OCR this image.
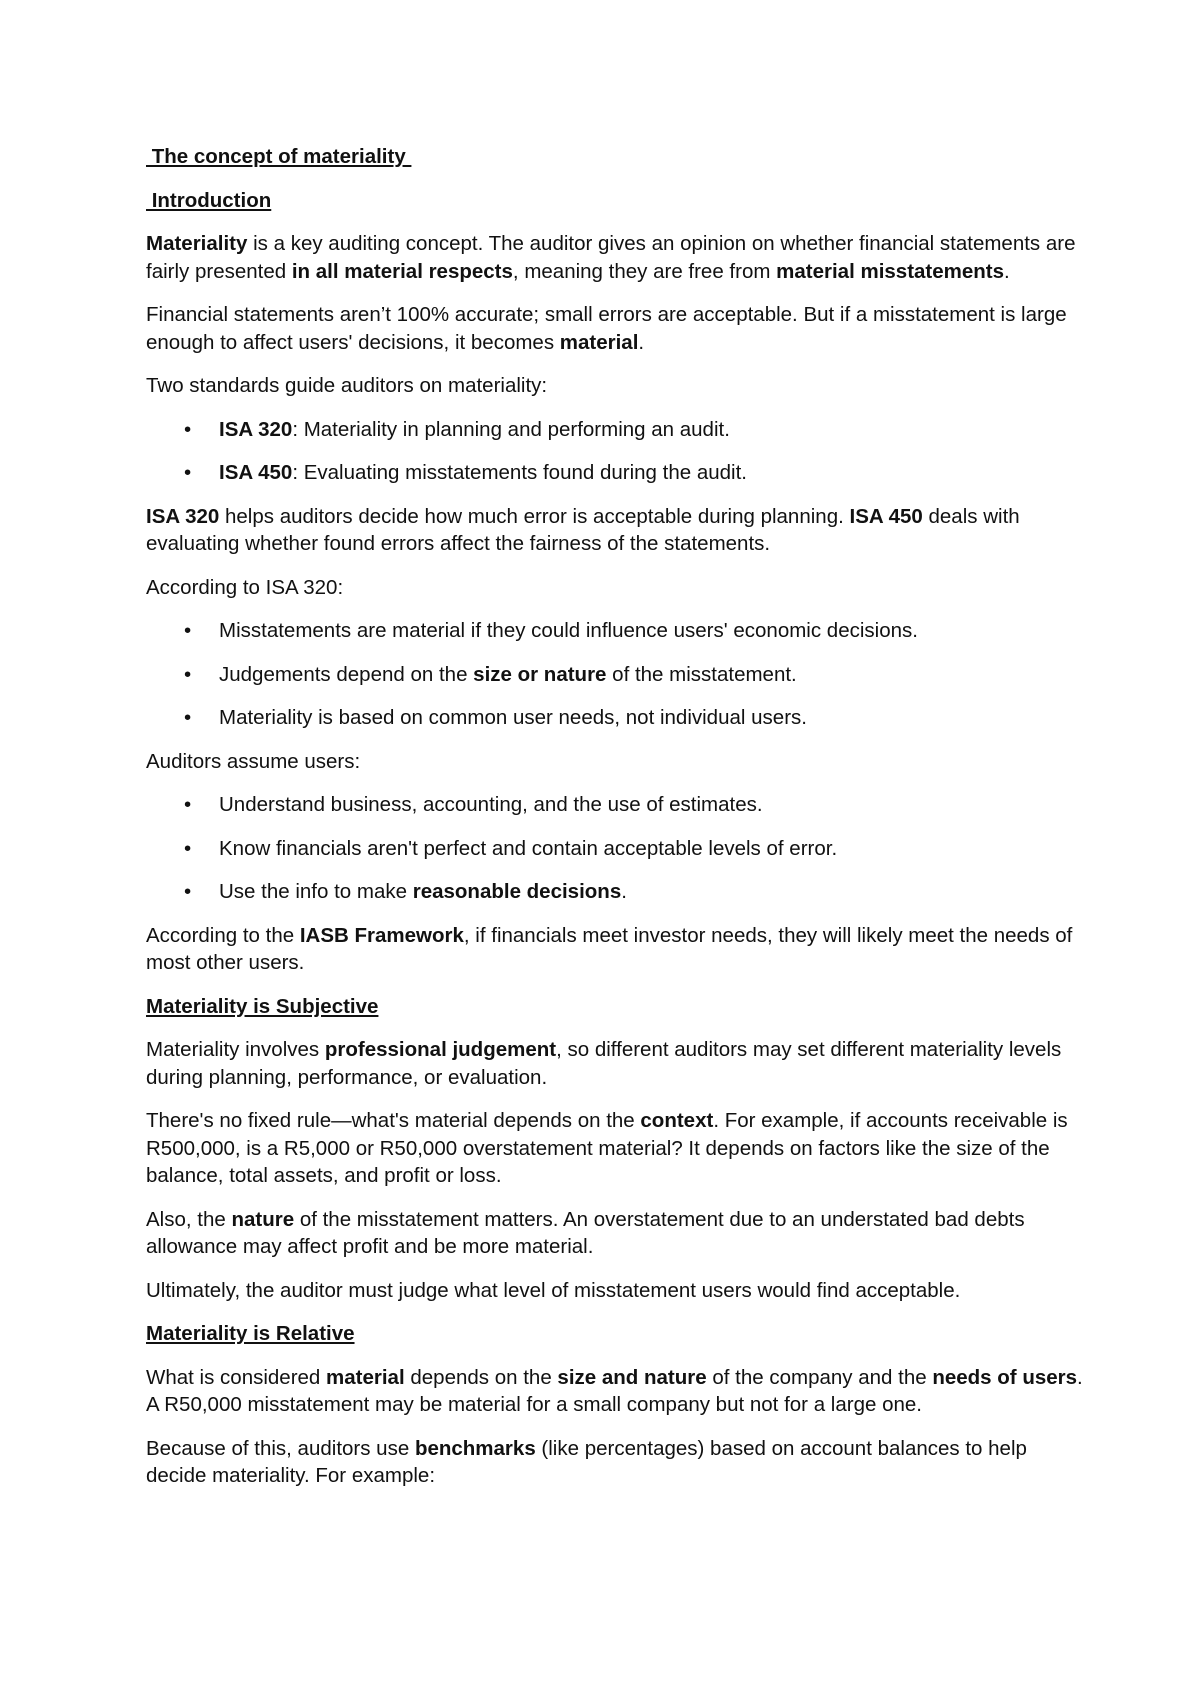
The concept of materiality

Introduction

Materiality is a key auditing concept. The auditor gives an opinion on whether financial statements are fairly presented in all material respects, meaning they are free from material misstatements.

Financial statements aren’t 100% accurate; small errors are acceptable. But if a misstatement is large enough to affect users' decisions, it becomes material.

Two standards guide auditors on materiality:

• ISA 320: Materiality in planning and performing an audit.
• ISA 450: Evaluating misstatements found during the audit.

ISA 320 helps auditors decide how much error is acceptable during planning. ISA 450 deals with evaluating whether found errors affect the fairness of the statements.

According to ISA 320:

• Misstatements are material if they could influence users' economic decisions.
• Judgements depend on the size or nature of the misstatement.
• Materiality is based on common user needs, not individual users.

Auditors assume users:

• Understand business, accounting, and the use of estimates.
• Know financials aren't perfect and contain acceptable levels of error.
• Use the info to make reasonable decisions.

According to the IASB Framework, if financials meet investor needs, they will likely meet the needs of most other users.

Materiality is Subjective

Materiality involves professional judgement, so different auditors may set different materiality levels during planning, performance, or evaluation.

There's no fixed rule—what's material depends on the context. For example, if accounts receivable is R500,000, is a R5,000 or R50,000 overstatement material? It depends on factors like the size of the balance, total assets, and profit or loss.

Also, the nature of the misstatement matters. An overstatement due to an understated bad debts allowance may affect profit and be more material.

Ultimately, the auditor must judge what level of misstatement users would find acceptable.

Materiality is Relative

What is considered material depends on the size and nature of the company and the needs of users. A R50,000 misstatement may be material for a small company but not for a large one.

Because of this, auditors use benchmarks (like percentages) based on account balances to help decide materiality. For example:
